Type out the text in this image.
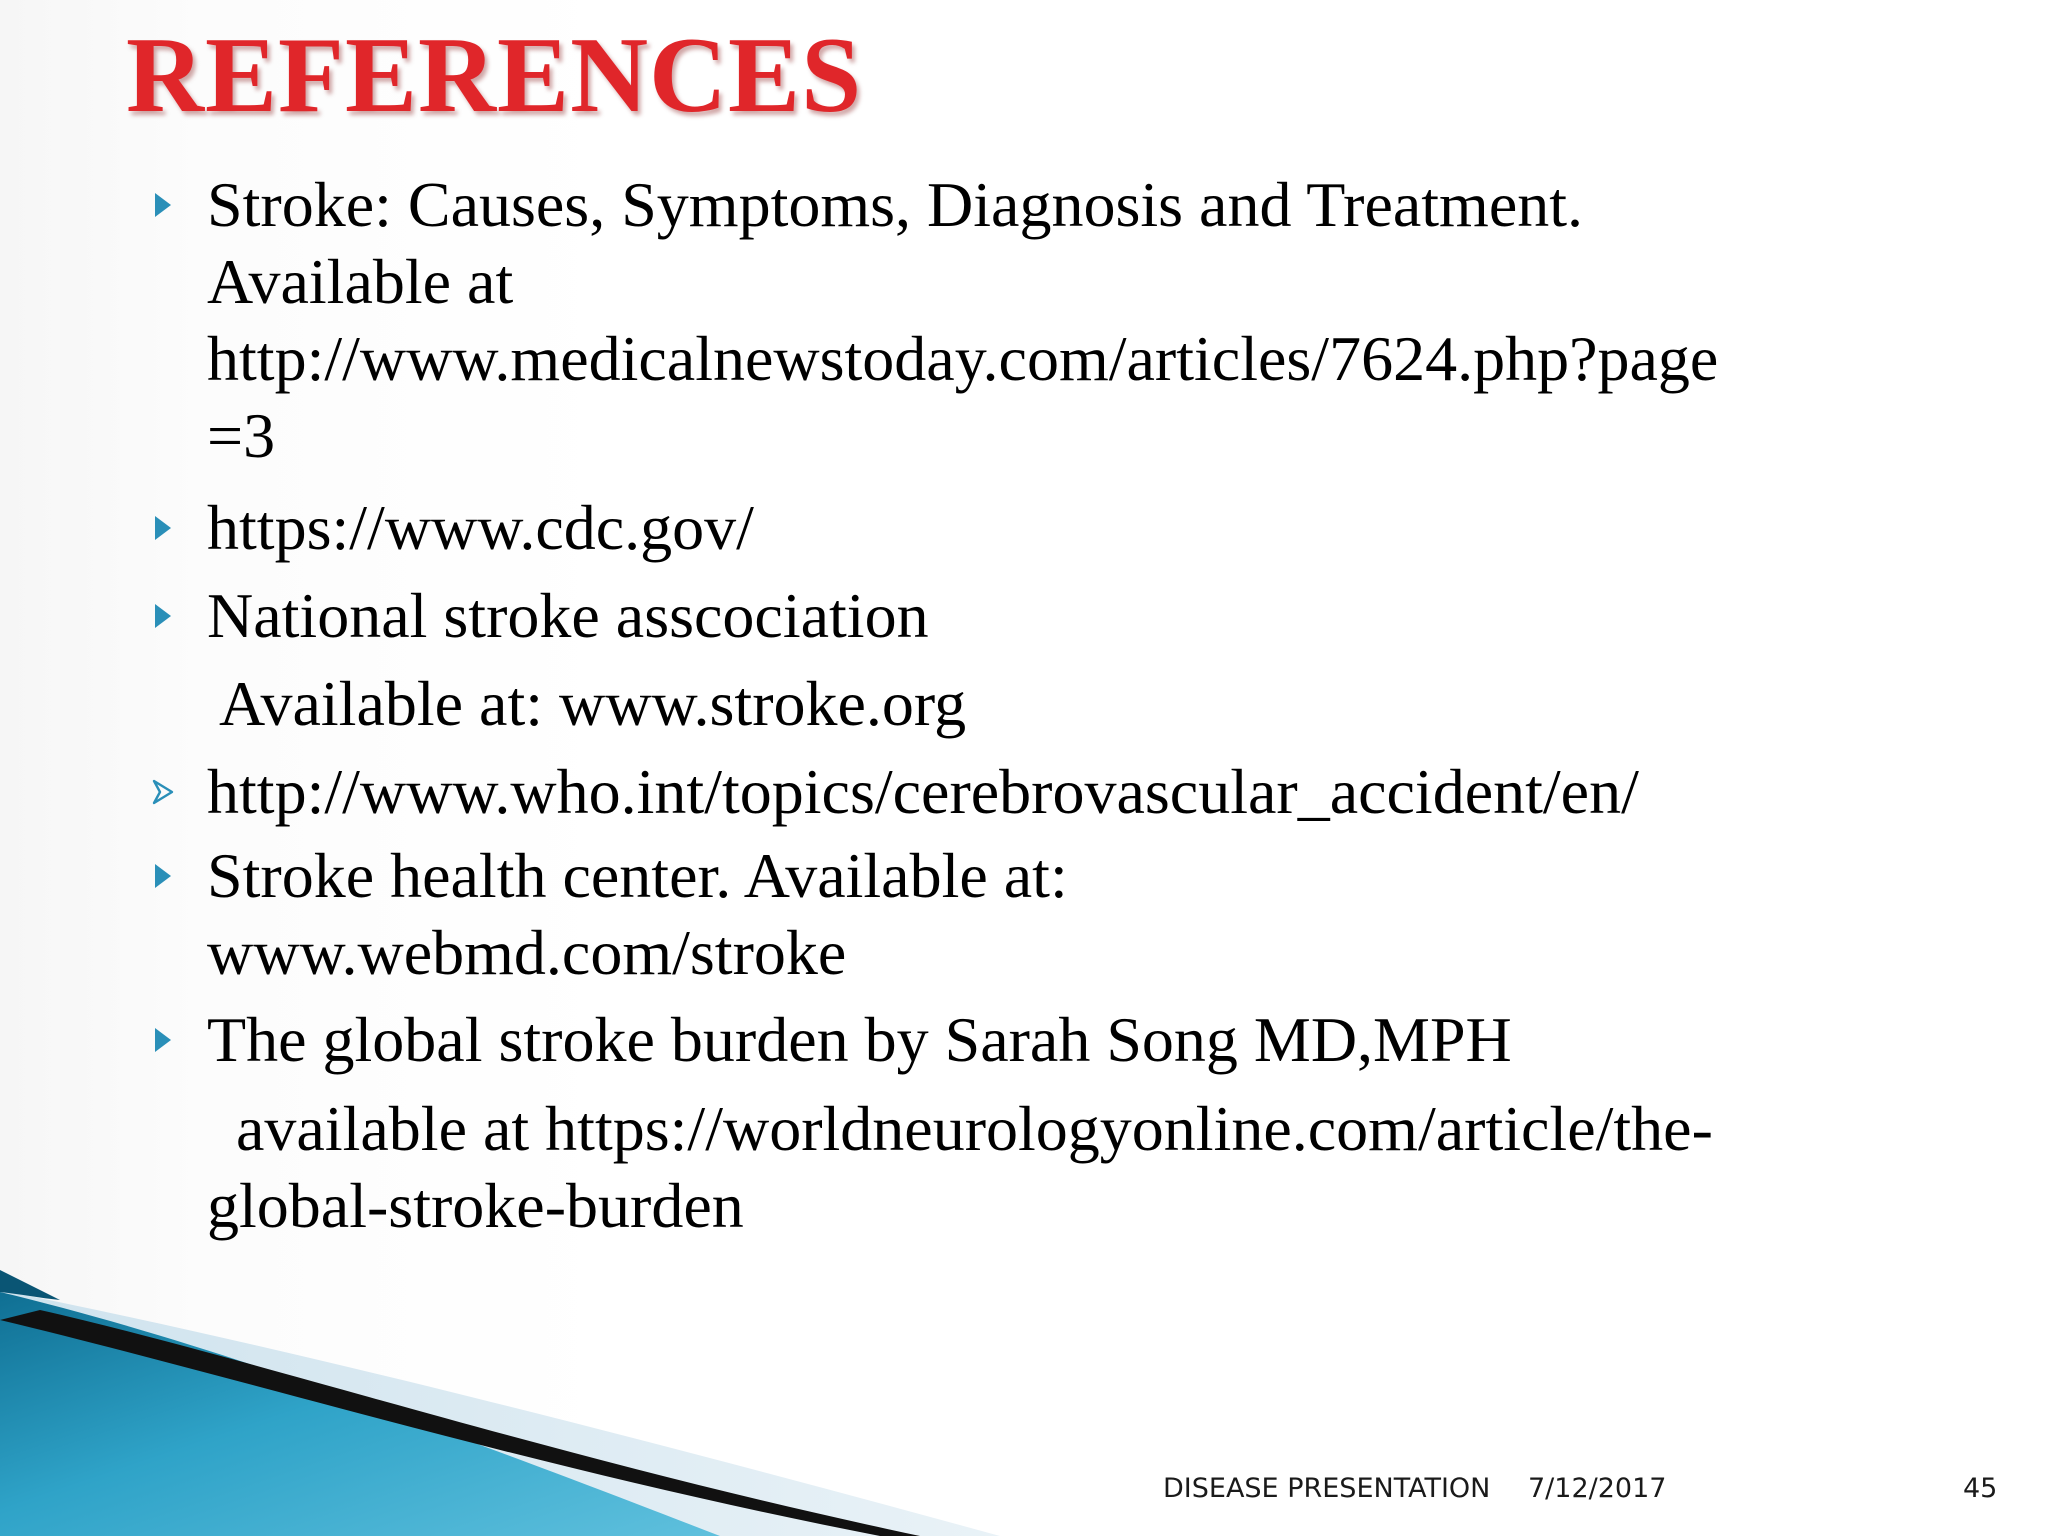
REFERENCES
Stroke: Causes, Symptoms, Diagnosis and Treatment.
Available at
http://www.medicalnewstoday.com/articles/7624.php?page
=3
https://www.cdc.gov/
National stroke asscociation
Available at: www.stroke.org
http://www.who.int/topics/cerebrovascular_accident/en/
Stroke health center. Available at:
www.webmd.com/stroke
The global stroke burden by Sarah Song MD,MPH
available at https://worldneurologyonline.com/article/the-
global-stroke-burden
DISEASE PRESENTATION 7/12/2017	45
